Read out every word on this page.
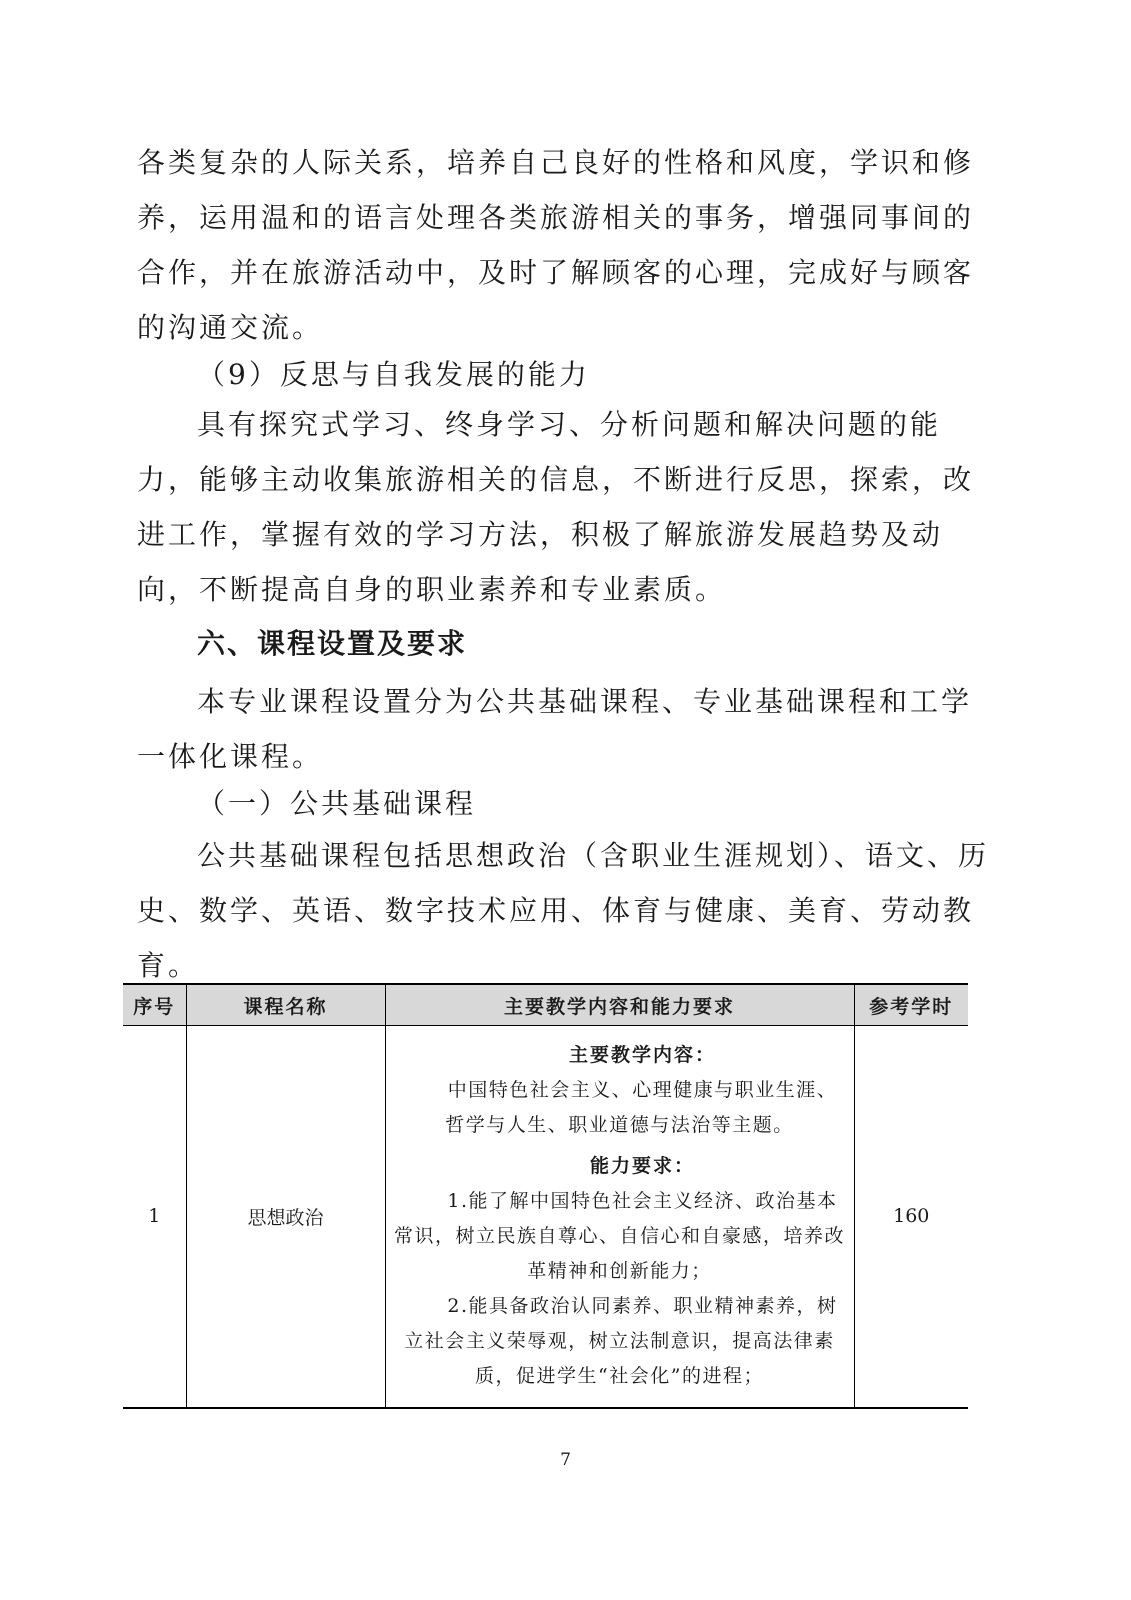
各类复杂的人际关系，培养自己良好的性格和风度，学识和修养，运用温和的语言处理各类旅游相关的事务，增强同事间的合作，并在旅游活动中，及时了解顾客的心理，完成好与顾客的沟通交流。

（9）反思与自我发展的能力

具有探究式学习、终身学习、分析问题和解决问题的能力，能够主动收集旅游相关的信息，不断进行反思，探索，改进工作，掌握有效的学习方法，积极了解旅游发展趋势及动向，不断提高自身的职业素养和专业素质。

六、课程设置及要求

本专业课程设置分为公共基础课程、专业基础课程和工学一体化课程。

（一）公共基础课程

公共基础课程包括思想政治（含职业生涯规划）、语文、历史、数学、英语、数字技术应用、体育与健康、美育、劳动教育。

序号	课程名称	主要教学内容和能力要求	参考学时
1	思想政治	主要教学内容：

中国特色社会主义、心理健康与职业生涯、哲学与人生、职业道德与法治等主题。

能力要求：

1.能了解中国特色社会主义经济、政治基本常识，树立民族自尊心、自信心和自豪感，培养改革精神和创新能力；

2.能具备政治认同素养、职业精神素养，树立社会主义荣辱观，树立法制意识，提高法律素质，促进学生“社会化”的进程；	160
7
